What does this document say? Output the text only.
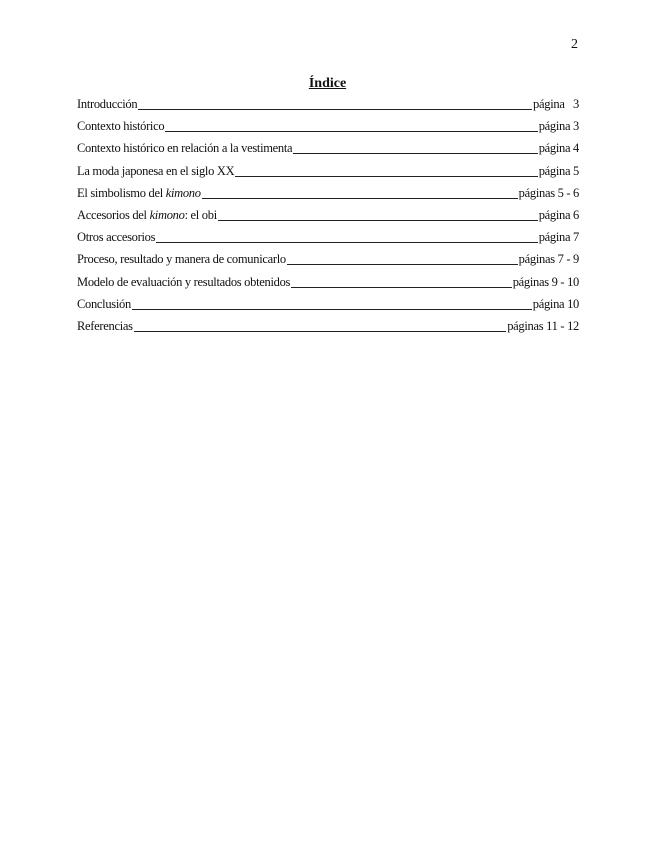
2
Índice
Introducción	página   3
Contexto histórico	página 3
Contexto histórico en relación a la vestimenta	página 4
La moda japonesa en el siglo XX	página 5
El simbolismo del kimono	páginas 5 - 6
Accesorios del kimono: el obi	página 6
Otros accesorios	página 7
Proceso, resultado y manera de comunicarlo	páginas 7 - 9
Modelo de evaluación y resultados obtenidos	páginas 9 - 10
Conclusión	página 10
Referencias	páginas 11 - 12
